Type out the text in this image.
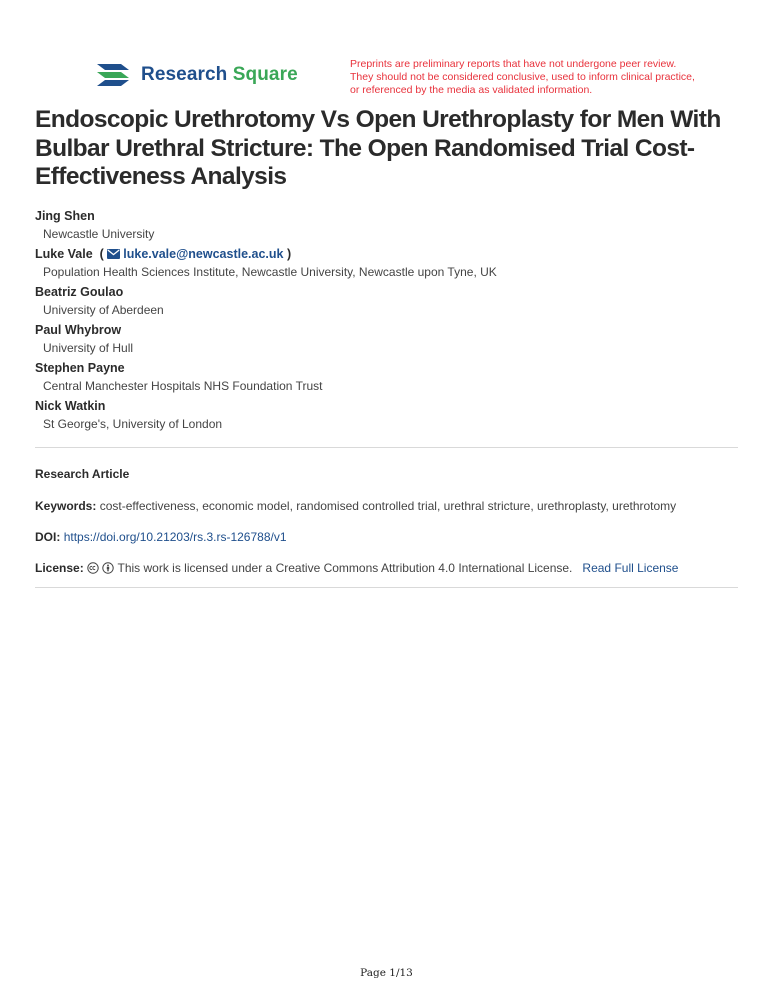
Research Square	Preprints are preliminary reports that have not undergone peer review.
They should not be considered conclusive, used to inform clinical practice,
or referenced by the media as validated information.
Endoscopic Urethrotomy Vs Open Urethroplasty for Men With Bulbar Urethral Stricture: The Open Randomised Trial Cost-Effectiveness Analysis
Jing Shen
Newcastle University
Luke Vale  ( luke.vale@newcastle.ac.uk )
Population Health Sciences Institute, Newcastle University, Newcastle upon Tyne, UK
Beatriz Goulao
University of Aberdeen
Paul Whybrow
University of Hull
Stephen Payne
Central Manchester Hospitals NHS Foundation Trust
Nick Watkin
St George's, University of London
Research Article
Keywords: cost-effectiveness, economic model, randomised controlled trial, urethral stricture, urethroplasty, urethrotomy
DOI: https://doi.org/10.21203/rs.3.rs-126788/v1
License:	This work is licensed under a Creative Commons Attribution 4.0 International License. Read Full License
Page 1/13
